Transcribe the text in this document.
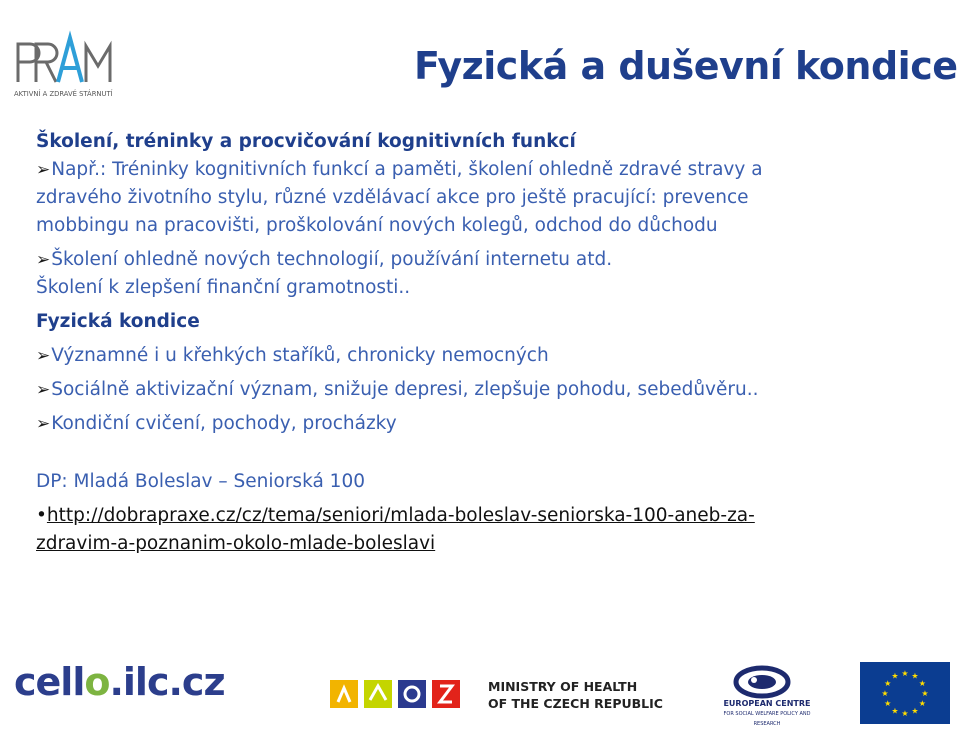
AKTIVNÍ A ZDRAVÉ STÁRNUTÍ
Fyzická a duševní kondice

Školení, tréninky a procvičování kognitivních funkcí

➢Např.: Tréninky kognitivních funkcí a paměti, školení ohledně zdravé stravy a

zdravého životního stylu, různé vzdělávací akce pro ještě pracující: prevence

mobbingu na pracovišti, proškolování nových kolegů, odchod do důchodu

➢Školení ohledně nových technologií, používání internetu atd.

Školení k zlepšení finanční gramotnosti..

Fyzická kondice

➢Významné i u křehkých staříků, chronicky nemocných

➢Sociálně aktivizační význam, snižuje depresi, zlepšuje pohodu, sebedůvěru..

➢Kondiční cvičení, pochody, procházky

DP: Mladá Boleslav – Seniorská 100

•http://dobrapraxe.cz/cz/tema/seniori/mlada-boleslav-seniorska-100-aneb-za-

zdravim-a-poznanim-okolo-mlade-boleslavi

cello.ilc.cz	MINISTRY OF HEALTH
OF THE CZECH REPUBLIC	EUROPEAN CENTRE
FOR SOCIAL WELFARE POLICY AND RESEARCH
★ ★
★
★
★
★
★
★
★
★
★
★
